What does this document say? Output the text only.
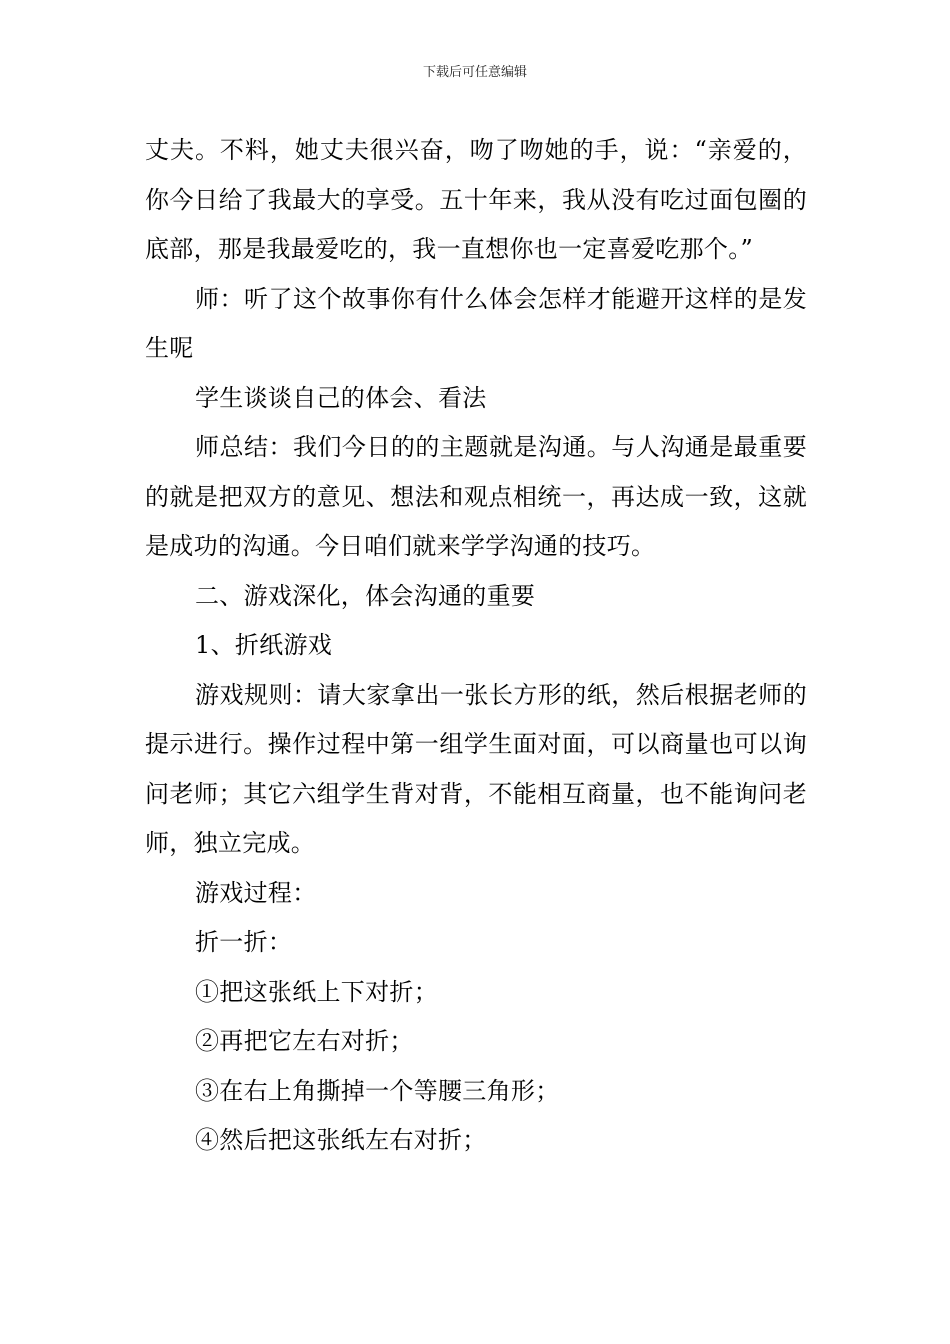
下载后可任意编辑

丈夫。不料，她丈夫很兴奋，吻了吻她的手，说：“亲爱的，你今日给了我最大的享受。五十年来，我从没有吃过面包圈的底部，那是我最爱吃的，我一直想你也一定喜爱吃那个。”

师：听了这个故事你有什么体会怎样才能避开这样的是发生呢

学生谈谈自己的体会、看法

师总结：我们今日的的主题就是沟通。与人沟通是最重要的就是把双方的意见、想法和观点相统一，再达成一致，这就是成功的沟通。今日咱们就来学学沟通的技巧。

二、游戏深化，体会沟通的重要

1、折纸游戏

游戏规则：请大家拿出一张长方形的纸，然后根据老师的提示进行。操作过程中第一组学生面对面，可以商量也可以询问老师；其它六组学生背对背，不能相互商量，也不能询问老师，独立完成。

游戏过程：

折一折：

①把这张纸上下对折；

②再把它左右对折；

③在右上角撕掉一个等腰三角形；

④然后把这张纸左右对折；
